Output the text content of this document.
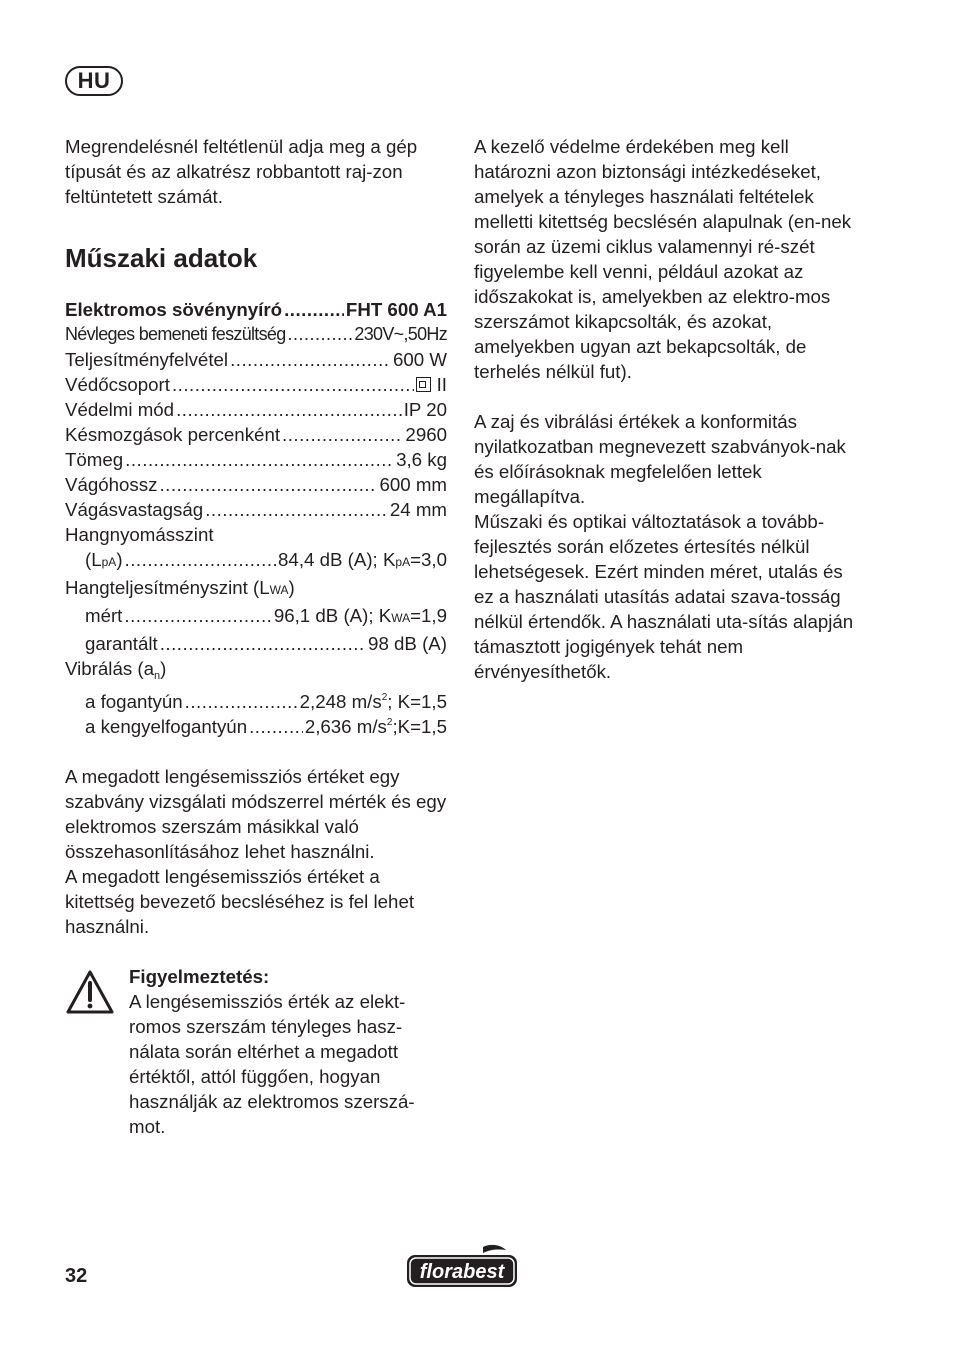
HU

Megrendelésnél feltétlenül adja meg a gép típusát és az alkatrész robbantott raj-zon feltüntetett számát.

Műszaki adatok
Elektromos sövénynyíró .....	FHT 600 A1
Névleges bemeneti feszültség .....	230V~,50Hz
Teljesítményfelvétel .....	600 W
Védőcsoport .....	II
Védelmi mód .....	IP 20
Késmozgások percenként .....	2960
Tömeg .....	3,6 kg
Vágóhossz .....	600 mm
Vágásvastagság .....	24 mm
Hangnyomásszint
(LpA) .....	84,4 dB (A); KpA=3,0
Hangteljesítményszint (LWA)
mért .....	96,1 dB (A); KWA=1,9
garantált .....	98 dB (A)
Vibrálás $(a_n)$
a fogantyún .....	2,248 $m/s^2$; K=1,5
a kengyelfogantyún .....	2,636 $m/s^2;K=1,5$

A megadott lengésemissziós értéket egy szabvány vizsgálati módszerrel mérték és egy elektromos szerszám másikkal való összehasonlításához lehet használni.

A megadott lengésemissziós értéket a kitettség bevezető becsléséhez is fel lehet használni.

Figyelmeztetés:

A lengésemissziós érték az elekt-romos szerszám tényleges hasz-nálata során eltérhet a megadott értéktől, attól függően, hogyan használják az elektromos szerszá-mot.

A kezelő védelme érdekében meg kell határozni azon biztonsági intézkedéseket, amelyek a tényleges használati feltételek melletti kitettség becslésén alapulnak (en-nek során az üzemi ciklus valamennyi ré-szét figyelembe kell venni, például azokat az időszakokat is, amelyekben az elektro-mos szerszámot kikapcsolták, és azokat, amelyekben ugyan azt bekapcsolták, de terhelés nélkül fut).

A zaj és vibrálási értékek a konformitás nyilatkozatban megnevezett szabványok-nak és előírásoknak megfelelően lettek megállapítva.

Műszaki és optikai változtatások a tovább-fejlesztés során előzetes értesítés nélkül lehetségesek. Ezért minden méret, utalás és ez a használati utasítás adatai szava-tosság nélkül értendők. A használati uta-sítás alapján támasztott jogigények tehát nem érvényesíthetők.

32	florabest
